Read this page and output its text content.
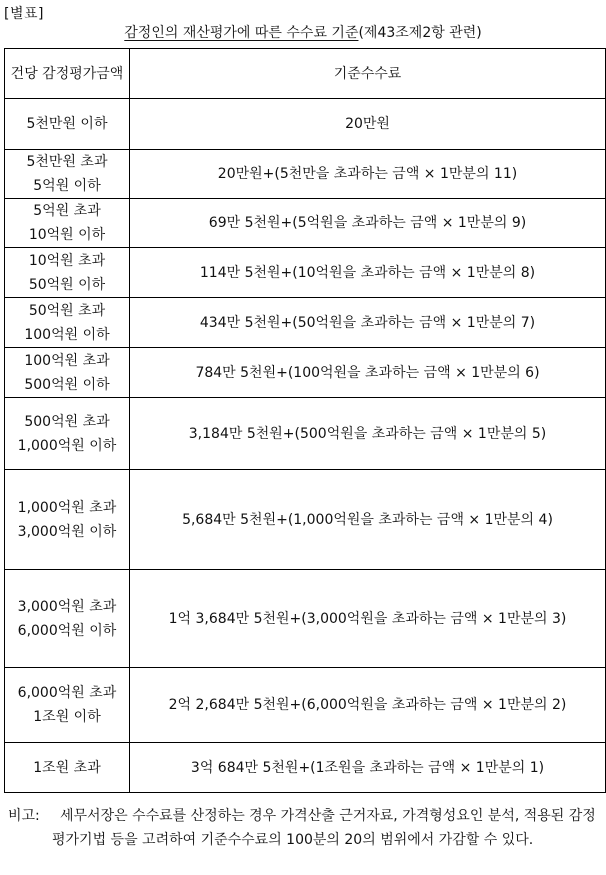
[별표]
감정인의 재산평가에 따른 수수료 기준(제43조제2항 관련)
건당 감정평가금액	기준수수료
5천만원 이하	20만원
5천만원 초과 5억원 이하	20만원+(5천만을 초과하는 금액 × 1만분의 11)
5억원 초과 10억원 이하	69만 5천원+(5억원을 초과하는 금액 × 1만분의 9)
10억원 초과 50억원 이하	114만 5천원+(10억원을 초과하는 금액 × 1만분의 8)
50억원 초과 100억원 이하	434만 5천원+(50억원을 초과하는 금액 × 1만분의 7)
100억원 초과 500억원 이하	784만 5천원+(100억원을 초과하는 금액 × 1만분의 6)
500억원 초과 1,000억원 이하	3,184만 5천원+(500억원을 초과하는 금액 × 1만분의 5)
1,000억원 초과 3,000억원 이하	5,684만 5천원+(1,000억원을 초과하는 금액 × 1만분의 4)
3,000억원 초과 6,000억원 이하	1억 3,684만 5천원+(3,000억원을 초과하는 금액 × 1만분의 3)
6,000억원 초과 1조원 이하	2억 2,684만 5천원+(6,000억원을 초과하는 금액 × 1만분의 2)
1조원 초과	3억 684만 5천원+(1조원을 초과하는 금액 × 1만분의 1)
비고:	세무서장은 수수료를 산정하는 경우 가격산출 근거자료, 가격형성요인 분석, 적용된 감정평가기법 등을 고려하여 기준수수료의 100분의 20의 범위에서 가감할 수 있다.
